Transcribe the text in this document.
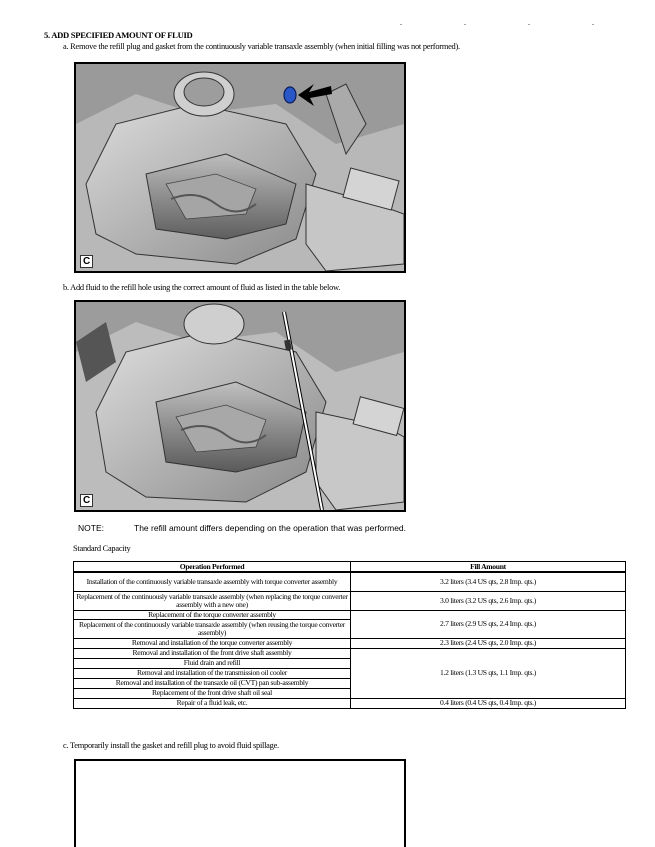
. . . .
5. ADD SPECIFIED AMOUNT OF FLUID
a. Remove the refill plug and gasket from the continuously variable transaxle assembly (when initial filling was not performed).
C
b. Add fluid to the refill hole using the correct amount of fluid as listed in the table below.
C
NOTE:	The refill amount differs depending on the operation that was performed.
Standard Capacity
Operation Performed	Fill Amount
Installation of the continuously variable transaxle assembly with torque converter assembly	3.2 liters (3.4 US qts, 2.8 Imp. qts.)
Replacement of the continuously variable transaxle assembly (when replacing the torque converter assembly with a new one)	3.0 liters (3.2 US qts, 2.6 Imp. qts.)
Replacement of the torque converter assembly	2.7 liters (2.9 US qts, 2.4 Imp. qts.)
Replacement of the continuously variable transaxle assembly (when reusing the torque converter assembly)	
Removal and installation of the torque converter assembly	2.3 liters (2.4 US qts, 2.0 Imp. qts.)
Removal and installation of the front drive shaft assembly	1.2 liters (1.3 US qts, 1.1 Imp. qts.)
Fluid drain and refill	
Removal and installation of the transmission oil cooler	
Removal and installation of the transaxle oil (CVT) pan sub-assembly	
Replacement of the front drive shaft oil seal	
Repair of a fluid leak, etc.	0.4 liters (0.4 US qts, 0.4 Imp. qts.)
c. Temporarily install the gasket and refill plug to avoid fluid spillage.
